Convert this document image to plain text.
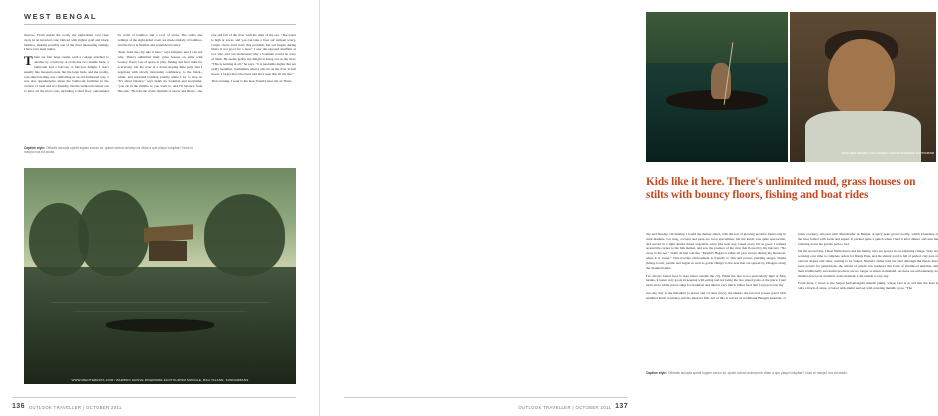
WEST BENGAL

morrow. From inside the room, the eight-sided roof rises away in an inverted cone latticed with lighter gold and black bamboo, making possibly one of the most interesting ceilings I have ever slept under.

There are four large rooms, each a cottage attached to another by a balcony. A room has two double beds, a bathroom and a balcony of halcyon delight. I don't usually like mosquito nets, but the large beds, and the roomy, rose-tinted netting was comforting in an old-fashioned way. I was also apprehensive about the bathroom facilities in the context of rural and eco-friendly, but the bathroom turned out to have all the mod cons, including a tiled floor, surrounded by walls of bamboo and a roof of straw. The walls and ceilings of the eight-sided room are made entirely of bamboo, and the floor is flexible and somewhat bouncy.

"Kids from the city like it here," says Debjani, and I can see why. There's unlimited mud, grass houses on stilts with bouncy floors, lots of space to play, fishing and boat rides for everybody. On the river is a down-sloping little jetty that I negotiate with slowly increasing confidence, to the black-, white- and red-hued bobbing prettily while I try to step in. "It's about balance," says Jadab da, boatman and storyteller, "you sit in the middle as you want to, and I'll balance from this end." He tells me of the rhythms of aswar and bhaso—the rise and fall of the river with the tides of the sea. "The water is high at jowar, and you can take a boat out without worry. Larger rivers don't have this problem, but our lingda during bhata is not good for a boat." I saw the exposed mudflats at low tide, and can understand why a boatman would be wary of them. He seems gently my delight at being out on the river. "This is nothing at all," he says, "it is paurnima nights that are really beautiful. Sometimes when I am out on the river in full moon, I forget that I live here and have seen this all my life."

That evening, I went to the hoat. Paush's haat sits on Thurs-

Caption style: Officials accepta spedit fugiam earum sit, quiam sciend doloreprzis vitiae a que plaqui volupfae? Idunt re maxpui nus ad studio.
WWW.MEDITERRATA.COM / BAMBOO GROVE RIVERSIDE ECOTOURISM MODULE, BALI ISLAND, SUNDARBANS
136 OUTLOOK TRAVELLER | OCTOBER 2011
WWW.MEDITERRATA.COM / BAMBOO GROVE RIVERSIDE ECOTOURISM
Kids like it here. There's unlimited mud, grass houses on stilts with bouncy floors, fishing and boat rides

day and Sunday. On Sunday, I found the market abuzz, with the sort of glowing produce found only in rural markets. Lal saag, coconut and paan are local specialities, but the katoli was quite spectacular, and served in a light shades tinted vegetable curry (the next day, tasted every bit as good. I walked around the corner to the fish market, and saw the produce of the river that flowed by my balcony. "No close to the sea," Jadab da had told me, "Panshi's Hagda is saline all year except during the monsoon, when it is sweet." This riverine environment is friendly to fish and prawn, yielding sangra, bhetki (hilsa), bocul, parshe and bagda as well as golda chingri to the nets that are spread by villagers along the channel banks.

I've always found food to taste better outside the city. While the fare is not particularly light at Mon haatka, it tastes very good, in keeping with eating and not being the two stated goals of the place. I had luchi and a white potato subji for breakfast and liked it very much. Other food that I enjoyed over my

two-day stay is the malaikari (a prawn and coconut curry), the shukto, the lau bori (sweet gourd with sundried lentil croutons) and the mustard fish. All of this is served on traditional Bengali kasundu, or brass crockery, tattooed with 'Monchasha' in Bangla. A spicy paan grows locally, which Chandana at the haat folded with zarda and supari. It packed quite a punch when I had it after dinner, and sent me tottering down the garden path to bed.

On the second day, I meet Nirmal hera and his family, who are porters in an adjoining village. They are working over time to complete orders for Durga Puja, and the shanty-yard is full of perfect clay pots of various shapes and sizes, waiting to be baked. Nirmal's father tells me that although the theras have been potters for generations, the advent of plastic has rendered this form of livelihood unstable, and their traditionally successful products are no longer as much in demand. As there are unfortunately no smaller-level pots available at the moment, I am unable to buy any.

From there, I travel to the Sarpai Sarbamangala mandir (4km), whose idol is so old that the Kali is only a block of stone, covered with sindur and set with arresting metallic eyes. "The

Caption style: Officialis accupta spedit fugiam earum sit, quiam sciend doloreprzis vitiae a que plaqui volupfae? Idunt re maxpui nus ad studio.
OUTLOOK TRAVELLER | OCTOBER 2011 137
